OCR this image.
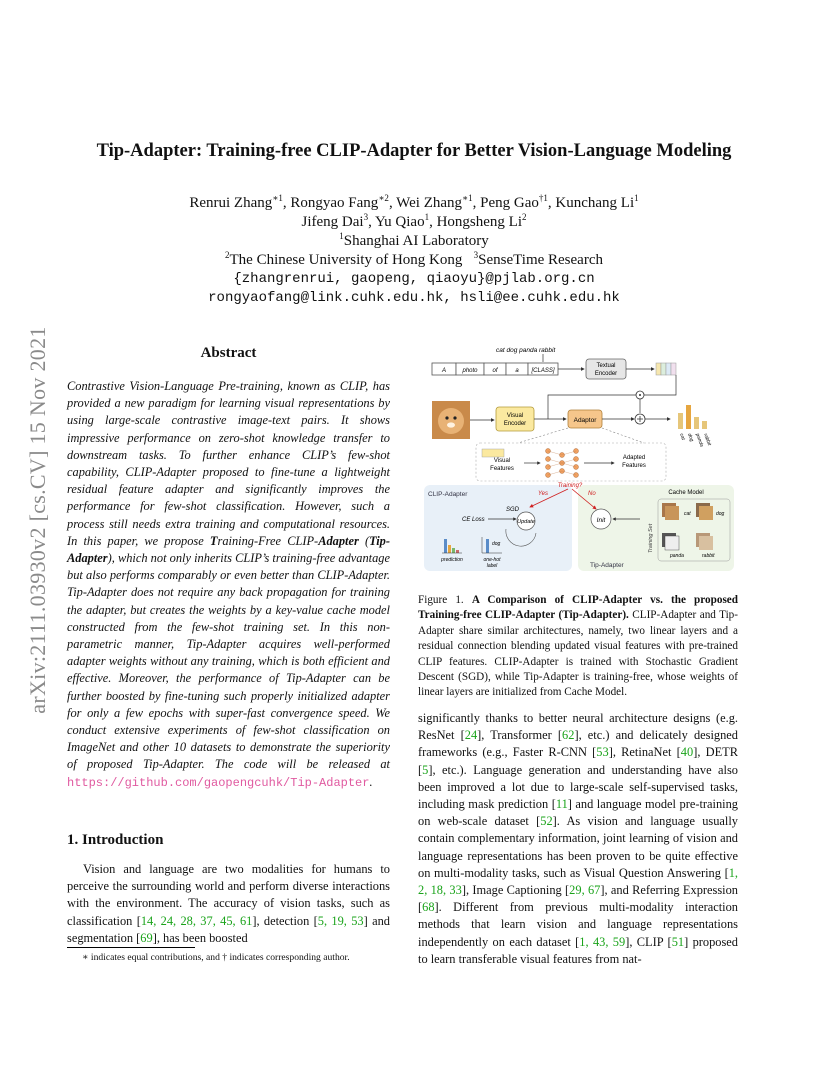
arXiv:2111.03930v2 [cs.CV] 15 Nov 2021
Tip-Adapter: Training-free CLIP-Adapter for Better Vision-Language Modeling
Renrui Zhang$^{∗1}$, Rongyao Fang$^{∗2}$, Wei Zhang$^{∗1}$, Peng Gao$^{\dagger 1}$, Kunchang Li$^1$
Jifeng Dai$^3$, Yu Qiao$^1$, Hongsheng Li$^2$
$^1$Shanghai AI Laboratory
$^2$The Chinese University of Hong Kong $^3$SenseTime Research
{zhangrenrui, gaopeng, qiaoyu}@pjlab.org.cn
rongyaofang@link.cuhk.edu.hk, hsli@ee.cuhk.edu.hk
Abstract
Contrastive Vision-Language Pre-training, known as CLIP, has provided a new paradigm for learning visual representations by using large-scale contrastive image-text pairs. It shows impressive performance on zero-shot knowledge transfer to downstream tasks. To further enhance CLIP’s few-shot capability, CLIP-Adapter proposed to fine-tune a lightweight residual feature adapter and significantly improves the performance for few-shot classification. However, such a process still needs extra training and computational resources. In this paper, we propose Training-Free CLIP-Adapter (Tip-Adapter), which not only inherits CLIP’s training-free advantage but also performs comparably or even better than CLIP-Adapter. Tip-Adapter does not require any back propagation for training the adapter, but creates the weights by a key-value cache model constructed from the few-shot training set. In this non-parametric manner, Tip-Adapter acquires well-performed adapter weights without any training, which is both efficient and effective. Moreover, the performance of Tip-Adapter can be further boosted by fine-tuning such properly initialized adapter for only a few epochs with super-fast convergence speed. We conduct extensive experiments of few-shot classification on ImageNet and other 10 datasets to demonstrate the superiority of proposed Tip-Adapter. The code will be released at https://github.com/gaopengcuhk/Tip-Adapter.
1. Introduction
Vision and language are two modalities for humans to perceive the surrounding world and perform diverse interactions with the environment. The accuracy of vision tasks, such as classification [14, 24, 28, 37, 45, 61], detection [5, 19, 53] and segmentation [69], has been boosted
∗ indicates equal contributions, and † indicates corresponding author.
cat dog panda rabbit
A	photo of	a [CLASS]
Textual
Encoder
Visual
Encoder	Adaptor
cat dog panda
rabbit
Visual
Features
Adapted
Features
CLIP-Adapter
Tip-Adapter
Training?
Yes	No
SGD
Update
CE Loss
prediction
dog
one-hot
label
Init
Cache Model
Training Set
cat	dog
panda	rabbit
Figure 1. A Comparison of CLIP-Adapter vs. the proposed Training-free CLIP-Adapter (Tip-Adapter). CLIP-Adapter and Tip-Adapter share similar architectures, namely, two linear layers and a residual connection blending updated visual features with pre-trained CLIP features. CLIP-Adapter is trained with Stochastic Gradient Descent (SGD), while Tip-Adapter is training-free, whose weights of linear layers are initialized from Cache Model.
significantly thanks to better neural architecture designs (e.g. ResNet [24], Transformer [62], etc.) and delicately designed frameworks (e.g., Faster R-CNN [53], RetinaNet [40], DETR [5], etc.). Language generation and understanding have also been improved a lot due to large-scale self-supervised tasks, including mask prediction [11] and language model pre-training on web-scale dataset [52]. As vision and language usually contain complementary information, joint learning of vision and language representations has been proven to be quite effective on multi-modality tasks, such as Visual Question Answering [1, 2, 18, 33], Image Captioning [29, 67], and Referring Expression [68]. Different from previous multi-modality interaction methods that learn vision and language representations independently on each dataset [1, 43, 59], CLIP [51] proposed to learn transferable visual features from nat-
